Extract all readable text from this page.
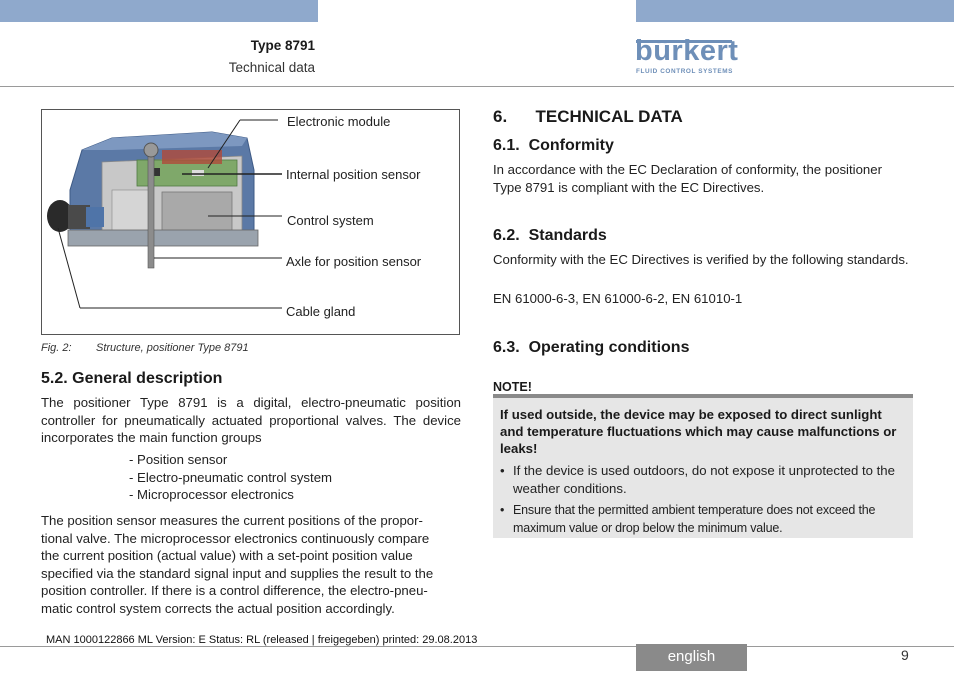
Type 8791
Technical data
bürkert
FLUID CONTROL SYSTEMS
Electronic module
Internal position sensor
Control system
Axle for position sensor
Cable gland
Fig. 2: Structure, positioner Type 8791
5.2. General description
The positioner Type 8791 is a digital, electro-pneumatic position controller for pneumatically actuated proportional valves. The device incorporates the main function groups
- Position sensor
- Electro-pneumatic control system
- Microprocessor electronics
The position sensor measures the current positions of the propor-
tional valve. The microprocessor electronics continuously compare
the current position (actual value) with a set-point position value
specified via the standard signal input and supplies the result to the
position controller. If there is a control difference, the electro-pneu-
matic control system corrects the actual position accordingly.
6.      TECHNICAL DATA
6.1.  Conformity
In accordance with the EC Declaration of conformity, the positioner Type 8791 is compliant with the EC Directives.
6.2.  Standards
Conformity with the EC Directives is verified by the following standards.
EN 61000-6-3, EN 61000-6-2, EN 61010-1
6.3.  Operating conditions
NOTE!
If used outside, the device may be exposed to direct sunlight and temperature fluctuations which may cause malfunctions or leaks!
• If the device is used outdoors, do not expose it unprotected to the weather conditions.
• Ensure that the permitted ambient temperature does not exceed the maximum value or drop below the minimum value.
MAN 1000122866 ML Version: E Status: RL (released | freigegeben) printed: 29.08.2013
english	9
